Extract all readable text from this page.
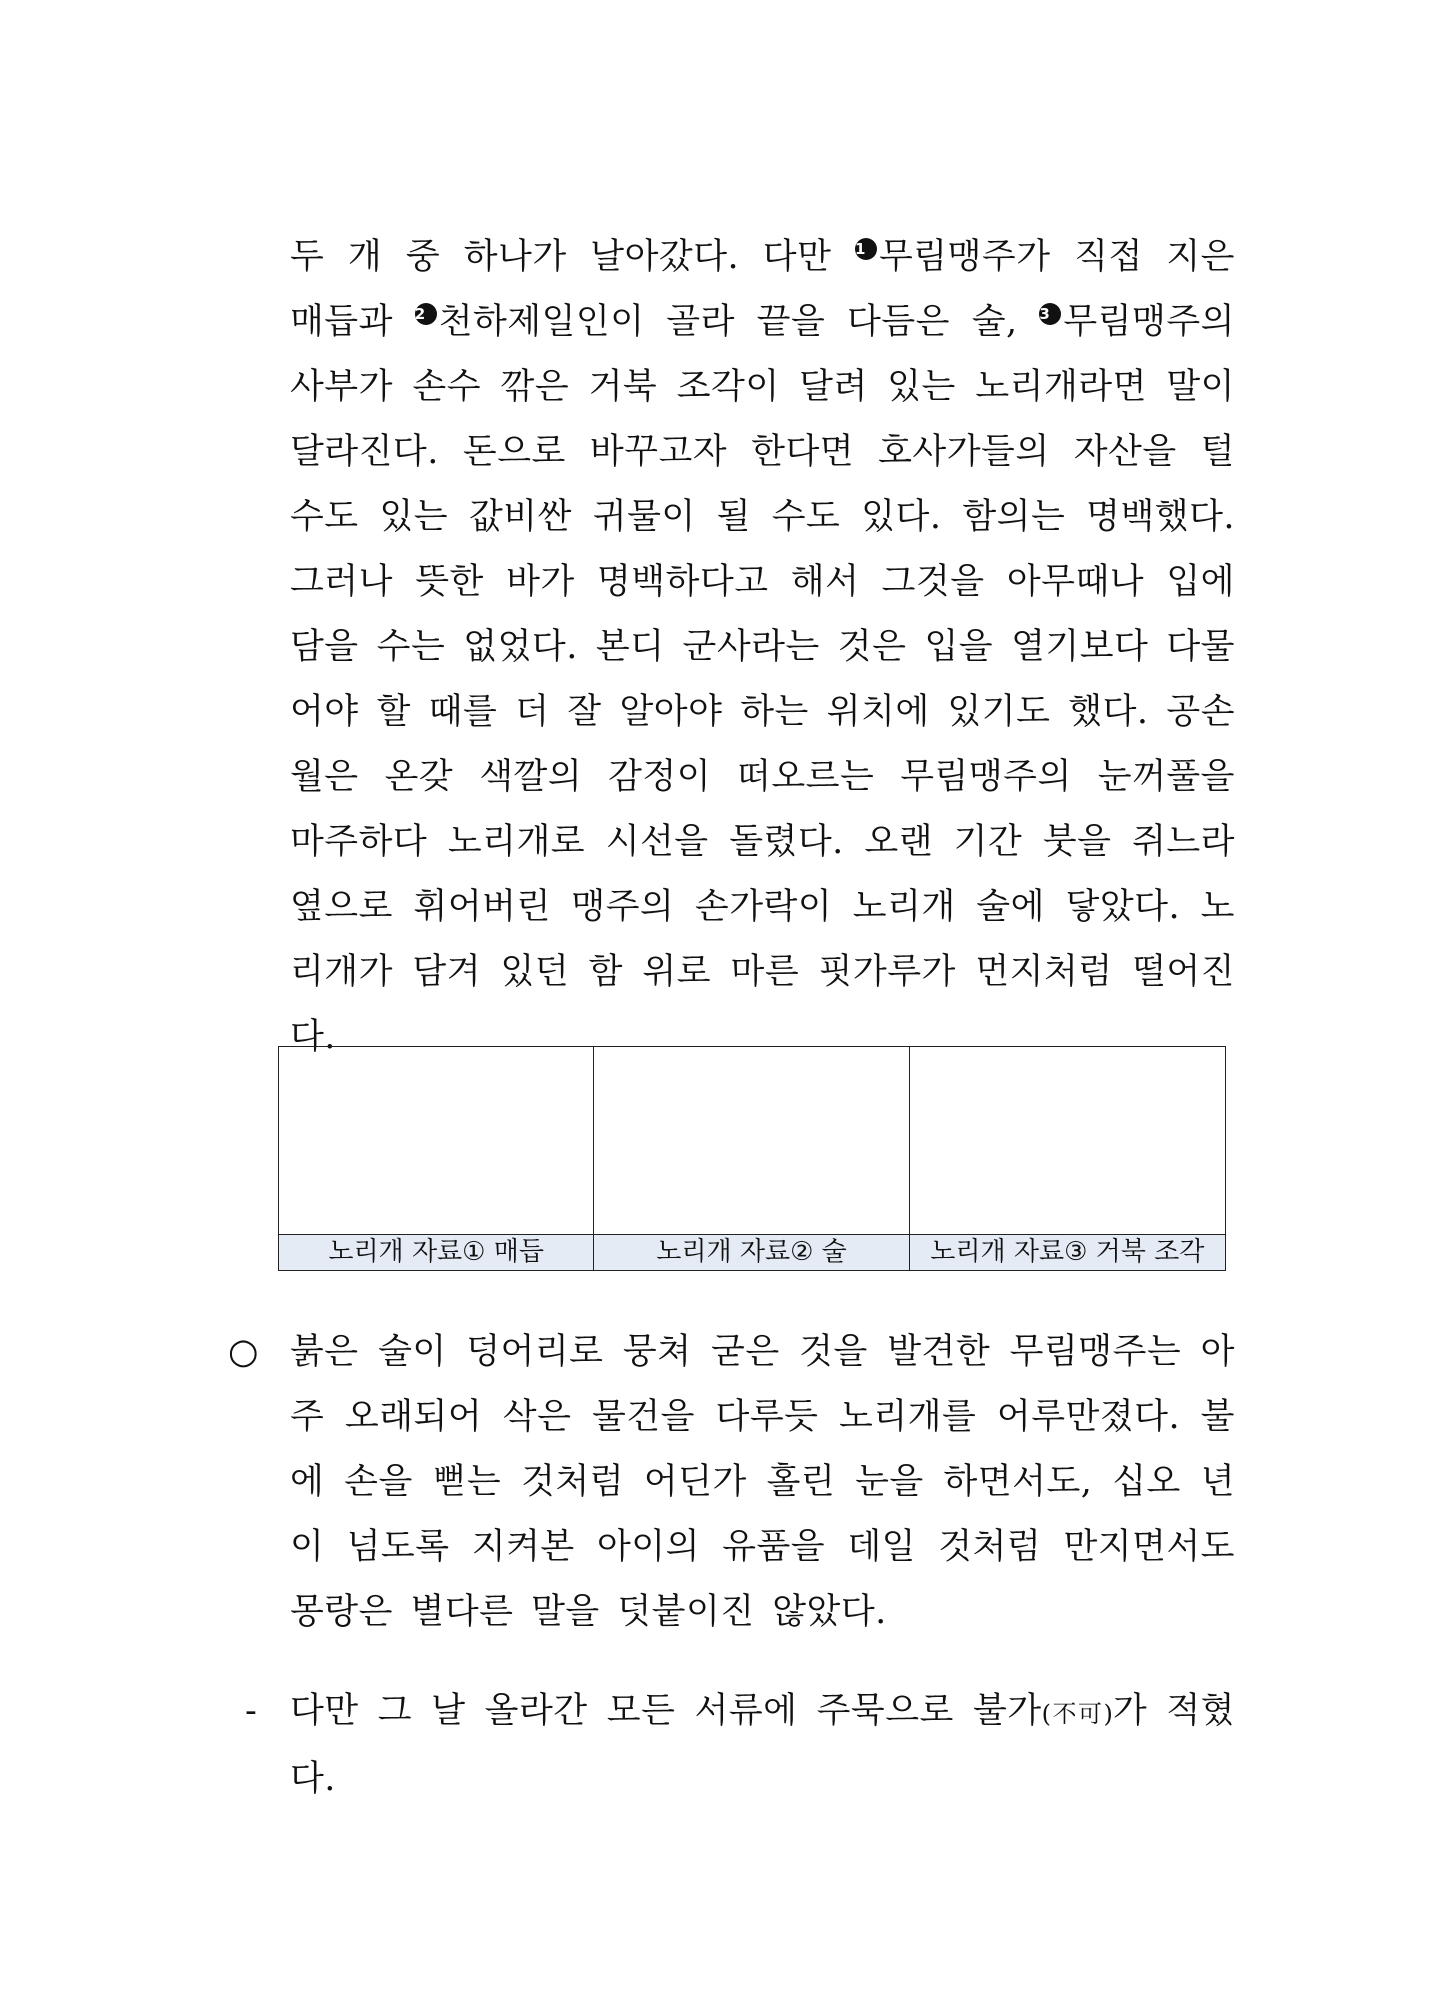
두 개 중 하나가 날아갔다. 다만 1 무림맹주가 직접 지은 매듭과 2 천하제일인이 골라 끝을 다듬은 술, 3 무림맹주의 사부가 손수 깎은 거북 조각이 달려 있는 노리개라면 말이 달라진다. 돈으로 바꾸고자 한다면 호사가들의 자산을 털 수도 있는 값비싼 귀물이 될 수도 있다. 함의는 명백했다. 그러나 뜻한 바가 명백하다고 해서 그것을 아무때나 입에 담을 수는 없었다. 본디 군사라는 것은 입을 열기보다 다물어야 할 때를 더 잘 알아야 하는 위치에 있기도 했다. 공손월은 온갖 색깔의 감정이 떠오르는 무림맹주의 눈꺼풀을 마주하다 노리개로 시선을 돌렸다. 오랜 기간 붓을 쥐느라 옆으로 휘어버린 맹주의 손가락이 노리개 술에 닿았다. 노리개가 담겨 있던 함 위로 마른 핏가루가 먼지처럼 떨어진다.
노리개 자료① 매듭	노리개 자료② 술	노리개 자료③ 거북 조각
○ 붉은 술이 덩어리로 뭉쳐 굳은 것을 발견한 무림맹주는 아주 오래되어 삭은 물건을 다루듯 노리개를 어루만졌다. 불에 손을 뻗는 것처럼 어딘가 홀린 눈을 하면서도, 십오 년이 넘도록 지켜본 아이의 유품을 데일 것처럼 만지면서도 몽랑은 별다른 말을 덧붙이진 않았다.
- 다만 그 날 올라간 모든 서류에 주묵으로 불가(不可)가 적혔다.
